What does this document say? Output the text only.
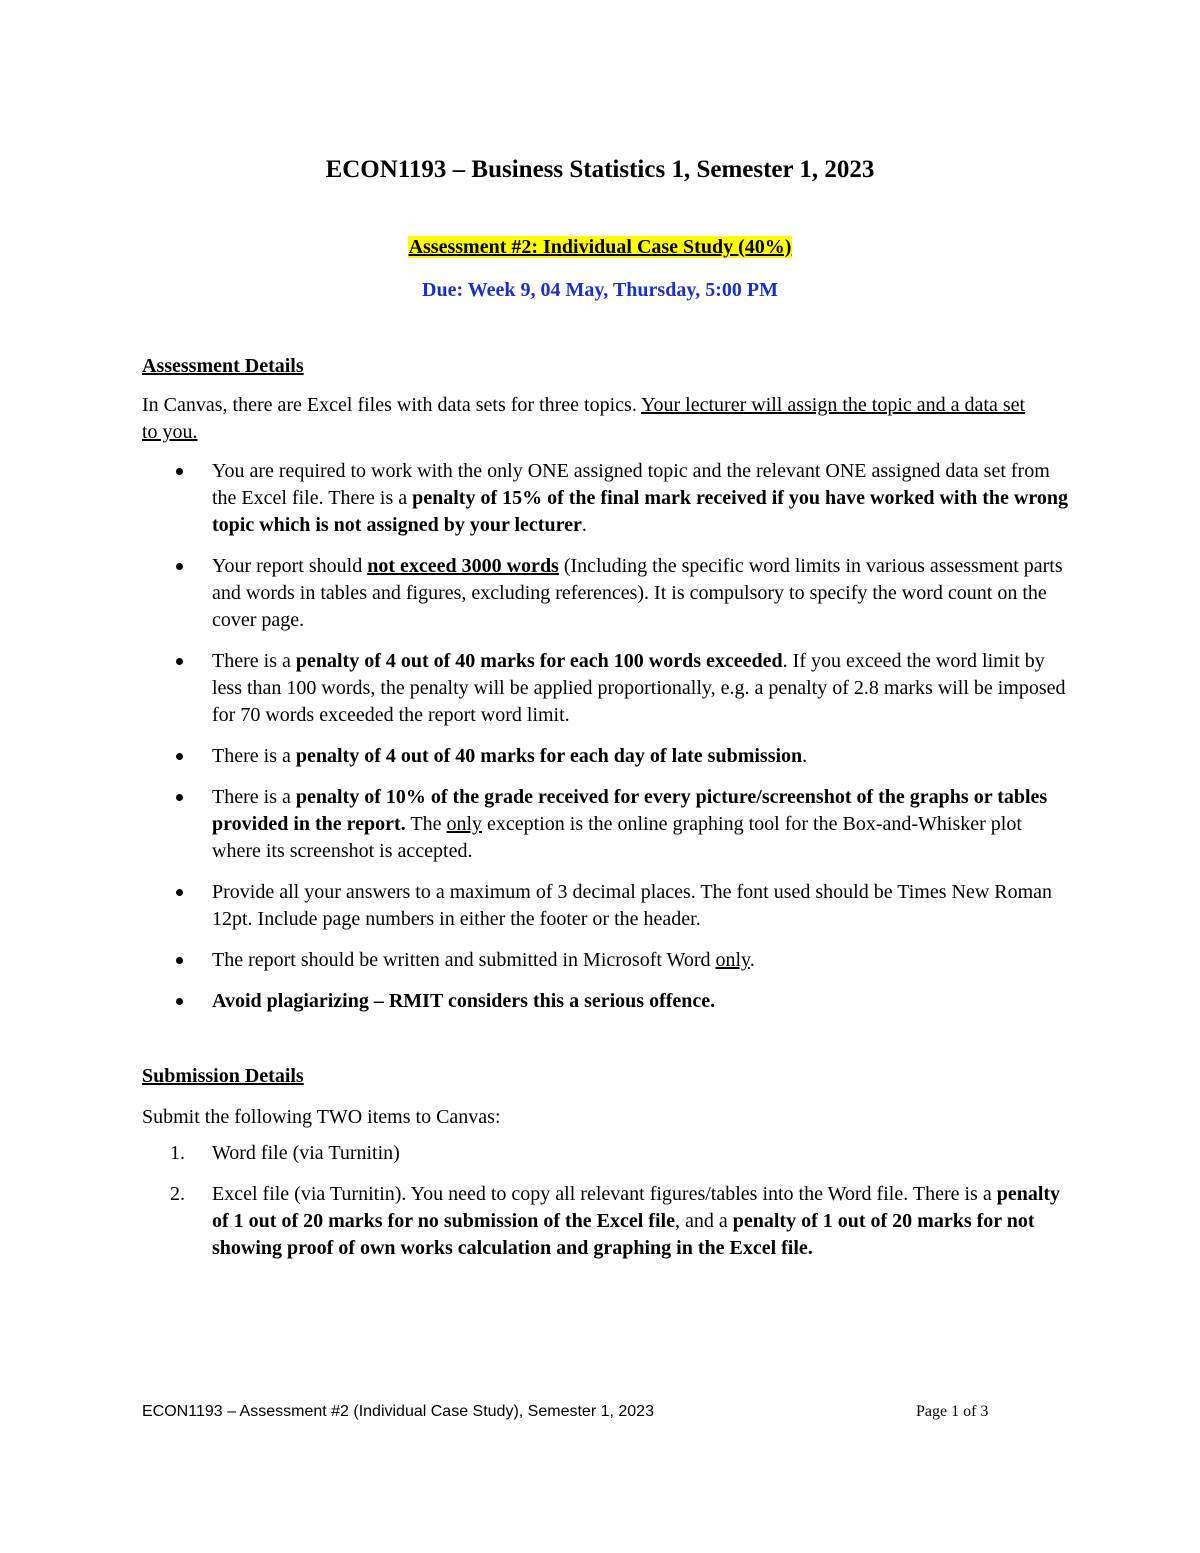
ECON1193 – Business Statistics 1, Semester 1, 2023
Assessment #2: Individual Case Study (40%)
Due: Week 9, 04 May, Thursday, 5:00 PM
Assessment Details
In Canvas, there are Excel files with data sets for three topics. Your lecturer will assign the topic and a data set to you.
You are required to work with the only ONE assigned topic and the relevant ONE assigned data set from the Excel file. There is a penalty of 15% of the final mark received if you have worked with the wrong topic which is not assigned by your lecturer.
Your report should not exceed 3000 words (Including the specific word limits in various assessment parts and words in tables and figures, excluding references). It is compulsory to specify the word count on the cover page.
There is a penalty of 4 out of 40 marks for each 100 words exceeded. If you exceed the word limit by less than 100 words, the penalty will be applied proportionally, e.g. a penalty of 2.8 marks will be imposed for 70 words exceeded the report word limit.
There is a penalty of 4 out of 40 marks for each day of late submission.
There is a penalty of 10% of the grade received for every picture/screenshot of the graphs or tables provided in the report. The only exception is the online graphing tool for the Box-and-Whisker plot where its screenshot is accepted.
Provide all your answers to a maximum of 3 decimal places. The font used should be Times New Roman 12pt. Include page numbers in either the footer or the header.
The report should be written and submitted in Microsoft Word only.
Avoid plagiarizing – RMIT considers this a serious offence.
Submission Details
Submit the following TWO items to Canvas:
1. Word file (via Turnitin)
2. Excel file (via Turnitin). You need to copy all relevant figures/tables into the Word file. There is a penalty of 1 out of 20 marks for no submission of the Excel file, and a penalty of 1 out of 20 marks for not showing proof of own works calculation and graphing in the Excel file.
ECON1193 – Assessment #2 (Individual Case Study), Semester 1, 2023	Page 1 of 3
